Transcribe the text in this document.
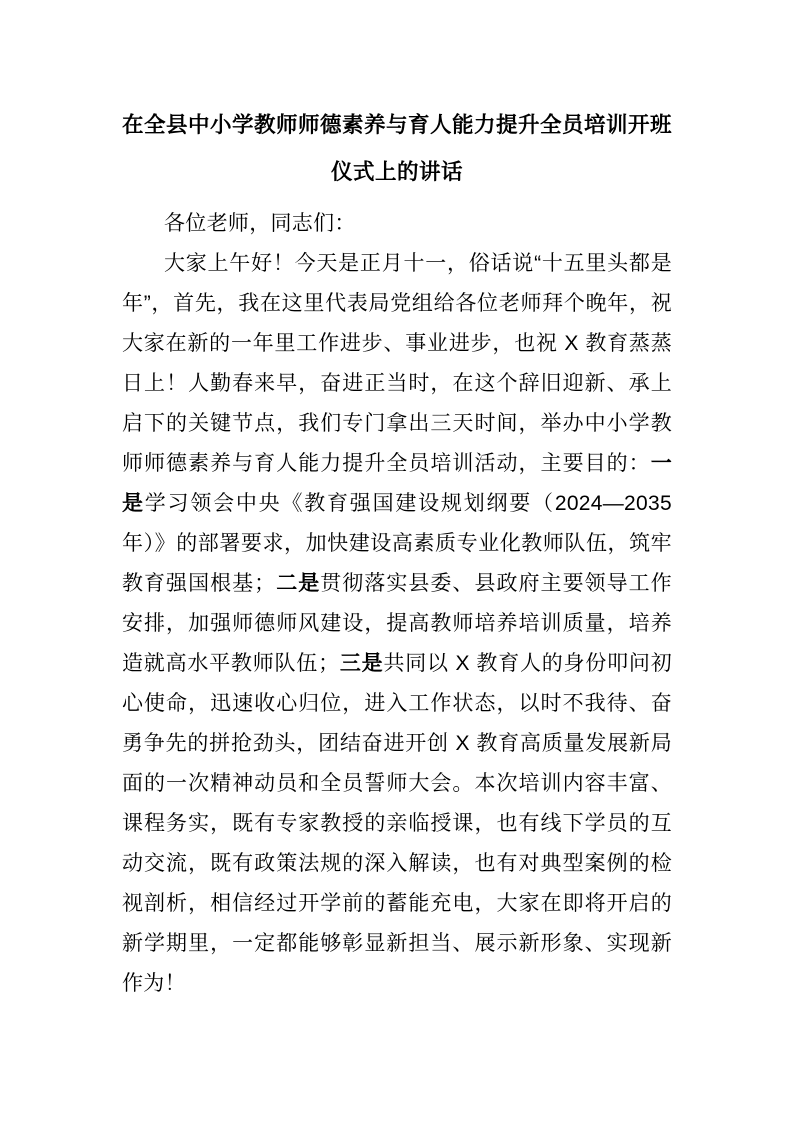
在全县中小学教师师德素养与育人能力提升全员培训开班仪式上的讲话

各位老师，同志们：

大家上午好！今天是正月十一，俗话说“十五里头都是年”，首先，我在这里代表局党组给各位老师拜个晚年，祝大家在新的一年里工作进步、事业进步，也祝 X 教育蒸蒸日上！人勤春来早，奋进正当时，在这个辞旧迎新、承上启下的关键节点，我们专门拿出三天时间，举办中小学教师师德素养与育人能力提升全员培训活动，主要目的：一是学习领会中央《教育强国建设规划纲要（2024—2035 年）》的部署要求，加快建设高素质专业化教师队伍，筑牢教育强国根基；二是贯彻落实县委、县政府主要领导工作安排，加强师德师风建设，提高教师培养培训质量，培养造就高水平教师队伍；三是共同以 X 教育人的身份叩问初心使命，迅速收心归位，进入工作状态，以时不我待、奋勇争先的拼抢劲头，团结奋进开创 X 教育高质量发展新局面的一次精神动员和全员誓师大会。本次培训内容丰富、课程务实，既有专家教授的亲临授课，也有线下学员的互动交流，既有政策法规的深入解读，也有对典型案例的检视剖析，相信经过开学前的蓄能充电，大家在即将开启的新学期里，一定都能够彰显新担当、展示新形象、实现新作为！
